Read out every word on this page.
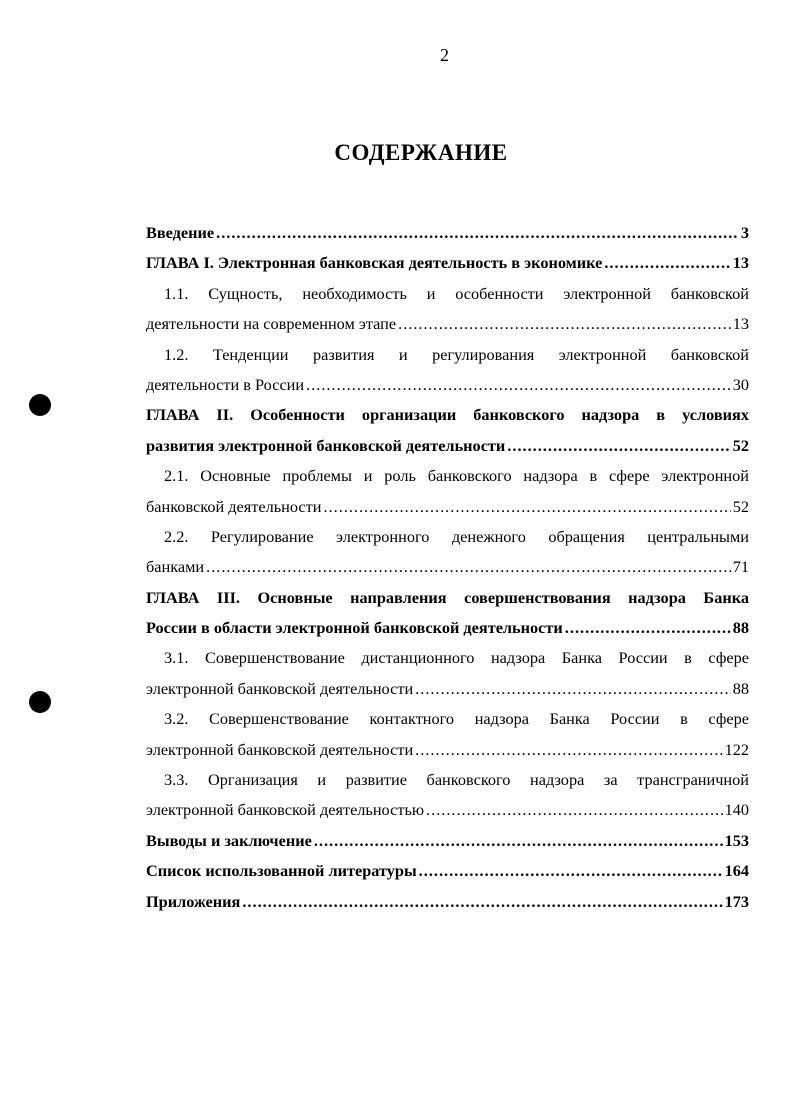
2
СОДЕРЖАНИЕ
Введение .....	3
ГЛАВА I. Электронная банковская деятельность в экономике .....	13
1.1. Сущность, необходимость и особенности электронной банковской
деятельности на современном этапе .....	13
1.2. Тенденции развития и регулирования электронной банковской
деятельности в России .....	30
ГЛАВА II. Особенности организации банковского надзора в условиях
развития электронной банковской деятельности .....	52
2.1. Основные проблемы и роль банковского надзора в сфере электронной
банковской деятельности .....	52
2.2. Регулирование электронного денежного обращения центральными
банками .....	71
ГЛАВА III. Основные направления совершенствования надзора Банка
России в области электронной банковской деятельности .....	88
3.1. Совершенствование дистанционного надзора Банка России в сфере
электронной банковской деятельности .....	88
3.2. Совершенствование контактного надзора Банка России в сфере
электронной банковской деятельности .....	122
3.3. Организация и развитие банковского надзора за трансграничной
электронной банковской деятельностью .....	140
Выводы и заключение .....	153
Список использованной литературы .....	164
Приложения .....	173
